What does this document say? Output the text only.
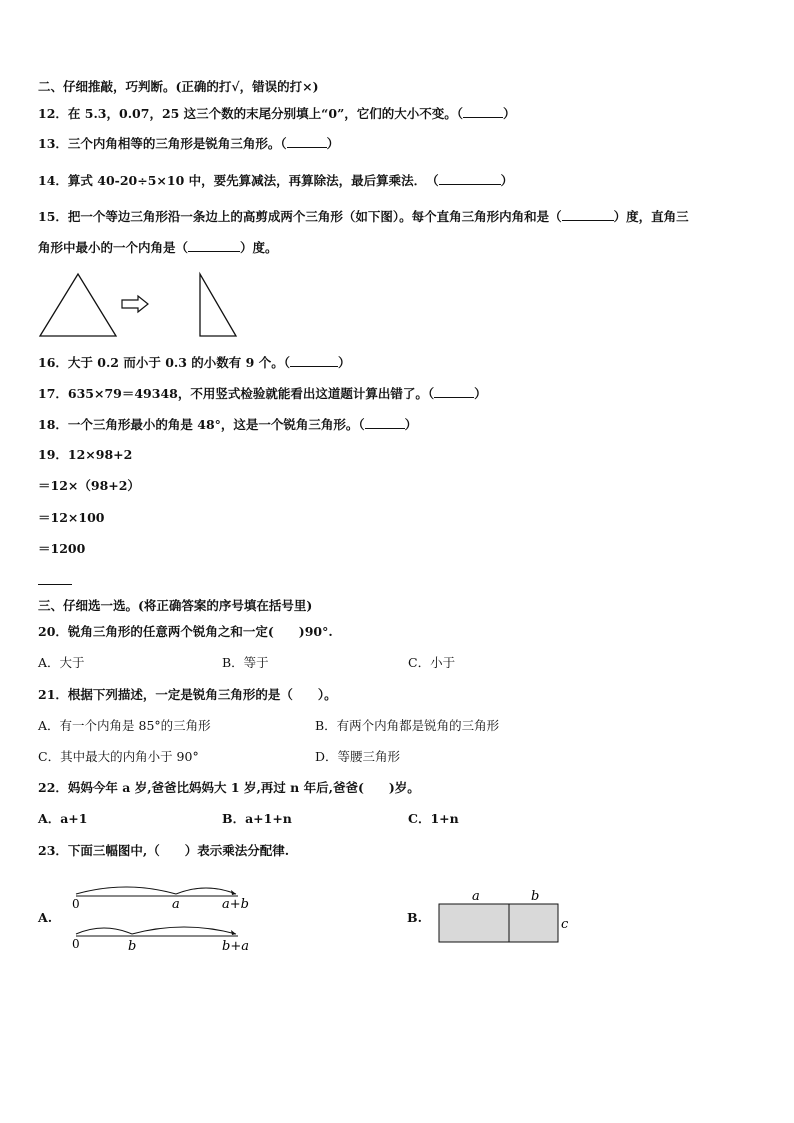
二、仔细推敲，巧判断。(正确的打√，错误的打×)
12．在 5.3，0.07，25 这三个数的末尾分别填上“0”，它们的大小不变。（	）
13．三个内角相等的三角形是锐角三角形。（	）
14．算式 40-20÷5×10 中，要先算减法，再算除法，最后算乘法．　（	）
15．把一个等边三角形沿一条边上的高剪成两个三角形（如下图）。每个直角三角形内角和是（	）度，直角三
角形中最小的一个内角是（	）度。
16．大于 0.2 而小于 0.3 的小数有 9 个。（	）
17．635×79＝49348，不用竖式检验就能看出这道题计算出错了。（	）
18．一个三角形最小的角是 48°，这是一个锐角三角形。（	）
19．12×98+2
＝12×（98+2）
＝12×100
＝1200
三、仔细选一选。(将正确答案的序号填在括号里)
20．锐角三角形的任意两个锐角之和一定(　　)90°.
A．大于	B．等于	C．小于
21．根据下列描述，一定是锐角三角形的是（　　）。
A．有一个内角是 85°的三角形	B．有两个内角都是锐角的三角形
C．其中最大的内角小于 90°	D．等腰三角形
22．妈妈今年 a 岁,爸爸比妈妈大 1 岁,再过 n 年后,爸爸(　　)岁。
A．a+1	B．a+1+n	C．1+n
23．下面三幅图中,（　　）表示乘法分配律.
A.
0	a	a+b
0	b	b+a
B.
a	b
c
